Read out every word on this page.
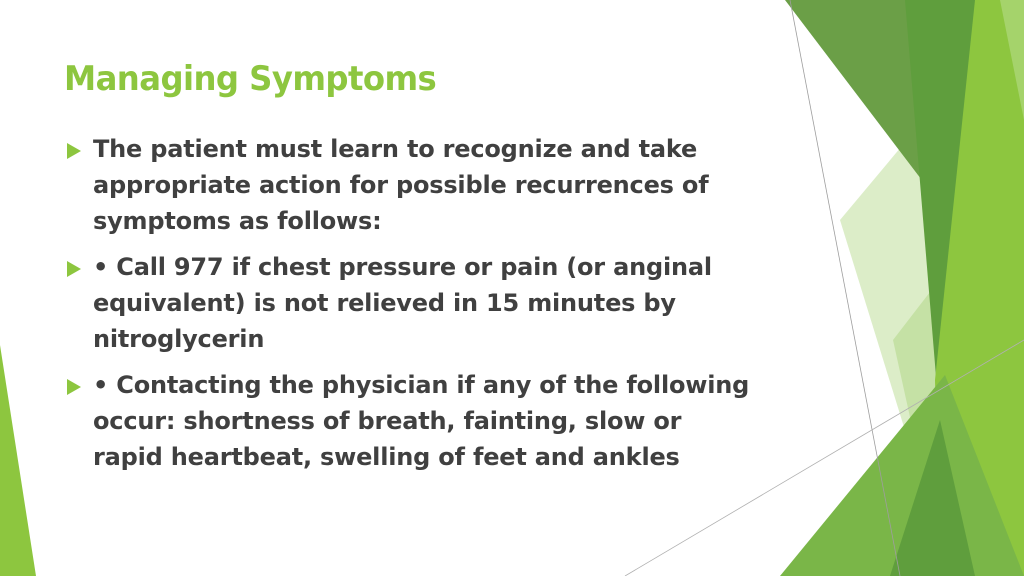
Managing Symptoms
The patient must learn to recognize and take appropriate action for possible recurrences of symptoms as follows:
• Call 977 if chest pressure or pain (or anginal equivalent) is not relieved in 15 minutes by nitroglycerin
• Contacting the physician if any of the following occur: shortness of breath, fainting, slow or rapid heartbeat, swelling of feet and ankles
